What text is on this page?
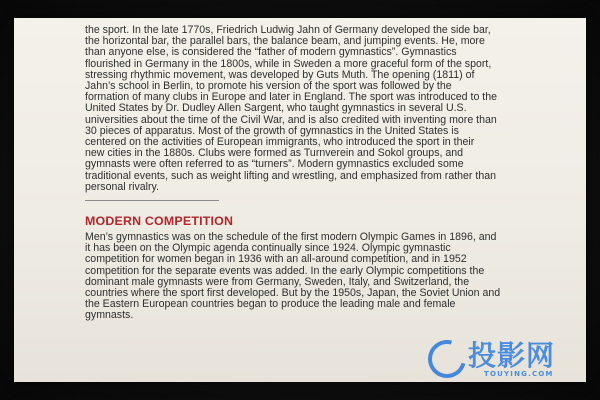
the sport. In the late 1770s, Friedrich Ludwig Jahn of Germany developed the side bar,
the horizontal bar, the parallel bars, the balance beam, and jumping events. He, more
than anyone else, is considered the “father of modern gymnastics”. Gymnastics
flourished in Germany in the 1800s, while in Sweden a more graceful form of the sport,
stressing rhythmic movement, was developed by Guts Muth. The opening (1811) of
Jahn’s school in Berlin, to promote his version of the sport was followed by the
formation of many clubs in Europe and later in England. The sport was introduced to the
United States by Dr. Dudley Allen Sargent, who taught gymnastics in several U.S.
universities about the time of the Civil War, and is also credited with inventing more than
30 pieces of apparatus. Most of the growth of gymnastics in the United States is
centered on the activities of European immigrants, who introduced the sport in their
new cities in the 1880s. Clubs were formed as Turnverein and Sokol groups, and
gymnasts were often referred to as “turners”. Modern gymnastics excluded some
traditional events, such as weight lifting and wrestling, and emphasized from rather than
personal rivalry.
MODERN COMPETITION
Men’s gymnastics was on the schedule of the first modern Olympic Games in 1896, and
it has been on the Olympic agenda continually since 1924. Olympic gymnastic
competition for women began in 1936 with an all-around competition, and in 1952
competition for the separate events was added. In the early Olympic competitions the
dominant male gymnasts were from Germany, Sweden, Italy, and Switzerland, the
countries where the sport first developed. But by the 1950s, Japan, the Soviet Union and
the Eastern European countries began to produce the leading male and female
gymnasts.
投影网
TOUYING.COM
